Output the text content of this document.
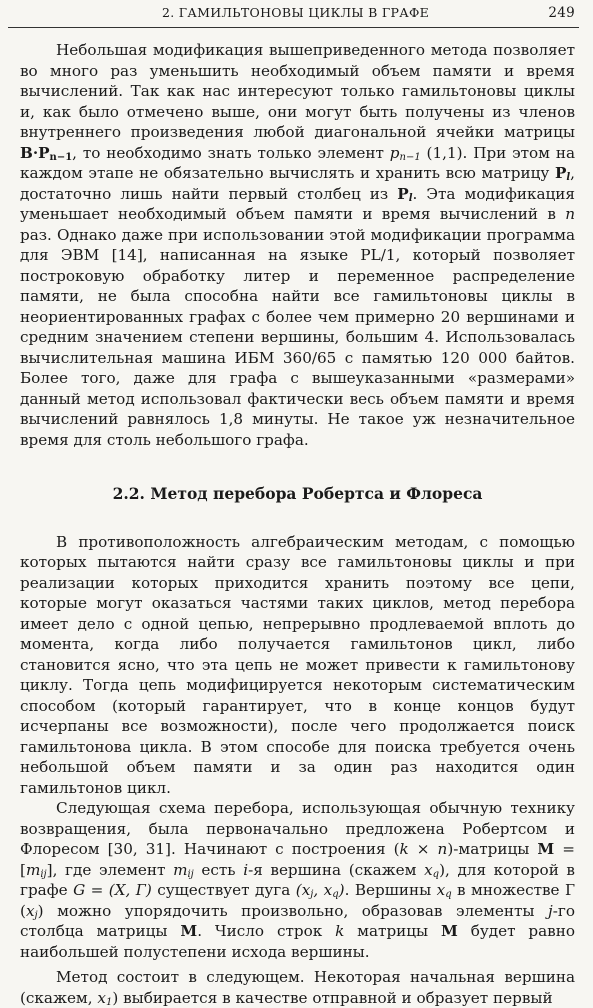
2. ГАМИЛЬТОНОВЫ ЦИКЛЫ В ГРАФЕ	249

Небольшая модификация вышеприведенного метода позволяет во много раз уменьшить необходимый объем памяти и время вычислений. Так как нас интересуют только гамильтоновы циклы и, как было отмечено выше, они могут быть получены из членов внутреннего произведения любой диагональной ячейки матрицы $B\cdot P_{n-1}$, то необходимо знать только элемент $p_{n-1}$ (1,1). При этом на каждом этапе не обязательно вычислять и хранить всю матрицу $P_l$, достаточно лишь найти первый столбец из $P_l$. Эта модификация уменьшает необходимый объем памяти и время вычислений в n раз. Однако даже при использовании этой модификации программа для ЭВМ [14], написанная на языке PL/1, который позволяет построковую обработку литер и переменное распределение памяти, не была способна найти все гамильтоновы циклы в неориентированных графах с более чем примерно 20 вершинами и средним значением степени вершины, большим 4. Использовалась вычислительная машина ИБМ 360/65 с памятью 120 000 байтов. Более того, даже для графа с вышеуказанными «размерами» данный метод использовал фактически весь объем памяти и время вычислений равнялось 1,8 минуты. Не такое уж незначительное время для столь небольшого графа.

2.2. Метод перебора Робертса и Флореса

В противоположность алгебраическим методам, с помощью которых пытаются найти сразу все гамильтоновы циклы и при реализации которых приходится хранить поэтому все цепи, которые могут оказаться частями таких циклов, метод перебора имеет дело с одной цепью, непрерывно продлеваемой вплоть до момента, когда либо получается гамильтонов цикл, либо становится ясно, что эта цепь не может привести к гамильтонову циклу. Тогда цепь модифицируется некоторым систематическим способом (который гарантирует, что в конце концов будут исчерпаны все возможности), после чего продолжается поиск гамильтонова цикла. В этом способе для поиска требуется очень небольшой объем памяти и за один раз находится один гамильтонов цикл.

Следующая схема перебора, использующая обычную технику возвращения, была первоначально предложена Робертсом и Флоресом [30, 31]. Начинают с построения (k × n)-матрицы $M = [m_{ij}]$, где элемент $m_{ij}$ есть i-я вершина (скажем $x_q$), для которой в графе G = (X, Г) существует дуга ($x_j$, $x_q$). Вершины $x_q$ в множестве Г $(x_j)$ можно упорядочить произвольно, образовав элементы j-го столбца матрицы M. Число строк k матрицы M будет равно наибольшей полустепени исхода вершины.

Метод состоит в следующем. Некоторая начальная вершина (скажем, $x_1$) выбирается в качестве отправной и образует первый
